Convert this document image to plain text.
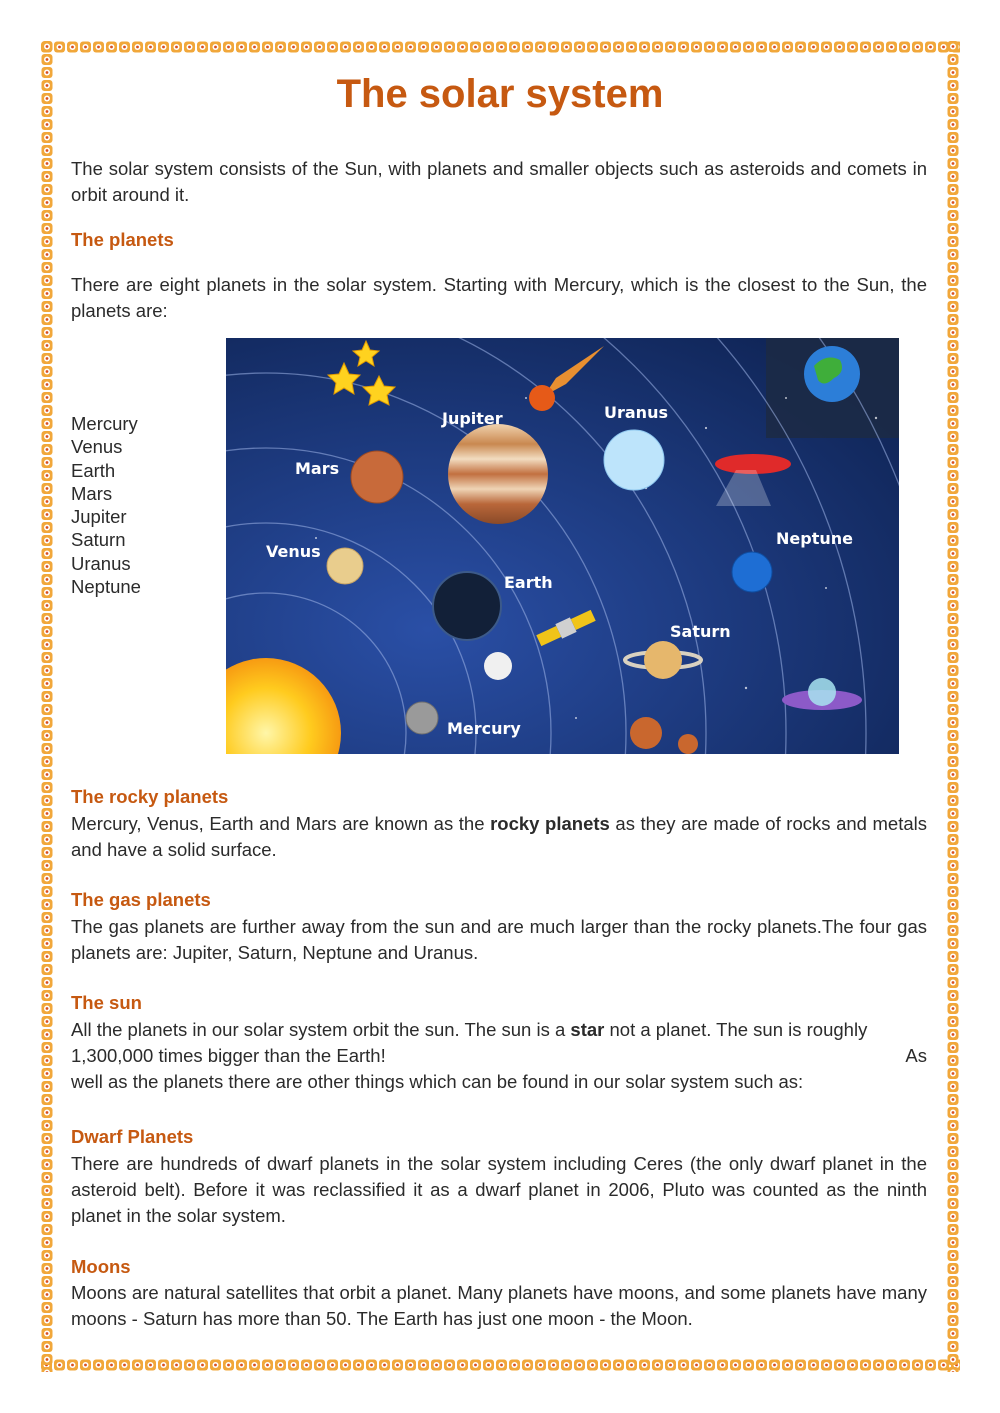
The solar system

The solar system consists of the Sun, with planets and smaller objects such as asteroids and comets in orbit around it.

The planets

There are eight planets in the solar system. Starting with Mercury, which is the closest to the Sun, the planets are:

Mercury
Venus
Earth
Mars
Jupiter
Saturn
Uranus
Neptune
Jupiter	Uranus
Mars
Venus
Earth
Neptune
Saturn
Mercury
The rocky planets

Mercury, Venus, Earth and Mars are known as the rocky planets as they are made of rocks and metals and have a solid surface.

The gas planets

The gas planets are further away from the sun and are much larger than the rocky planets.The four gas planets are: Jupiter, Saturn, Neptune and Uranus.

The sun
All the planets in our solar system orbit the sun. The sun is a star not a planet. The sun is roughly
1,300,000 times bigger than the Earth!	As
well as the planets there are other things which can be found in our solar system such as:
Dwarf Planets

There are hundreds of dwarf planets in the solar system including Ceres (the only dwarf planet in the asteroid belt). Before it was reclassified it as a dwarf planet in 2006, Pluto was counted as the ninth planet in the solar system.

Moons

Moons are natural satellites that orbit a planet. Many planets have moons, and some planets have many moons - Saturn has more than 50. The Earth has just one moon - the Moon.
